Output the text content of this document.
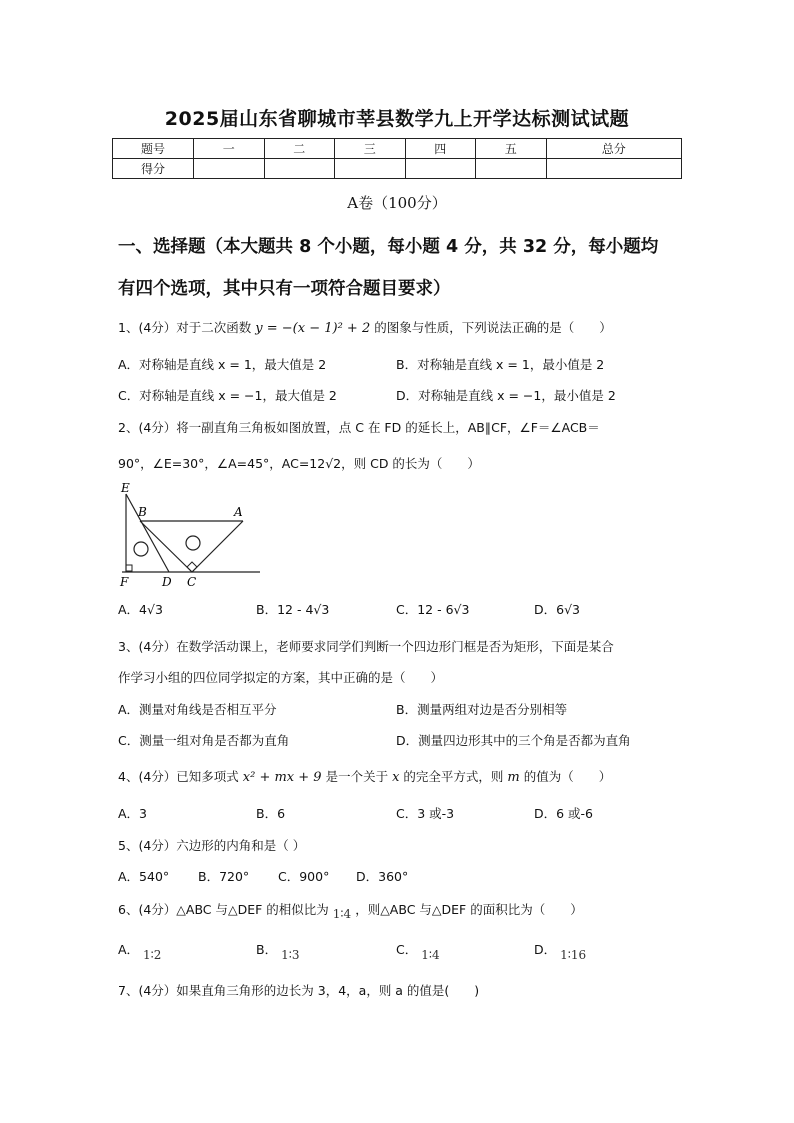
2025届山东省聊城市莘县数学九上开学达标测试试题
题号	一	二	三	四	五	总分
得分						
A卷（100分）
一、选择题（本大题共 8 个小题，每小题 4 分，共 32 分，每小题均
有四个选项，其中只有一项符合题目要求）
1、(4分）对于二次函数 y = −(x − 1)² + 2 的图象与性质，下列说法正确的是（　　）
A．对称轴是直线 x = 1，最大值是 2	B．对称轴是直线 x = 1，最小值是 2
C．对称轴是直线 x = −1，最大值是 2	D．对称轴是直线 x = −1，最小值是 2
2、(4分）将一副直角三角板如图放置，点 C 在 FD 的延长上，AB∥CF，∠F＝∠ACB＝
90°，∠E=30°，∠A=45°，AC=12√2，则 CD 的长为（　　）
E
B	A
F	D C
A．4√3	B．12 - 4√3	C．12 - 6√3	D．6√3
3、(4分）在数学活动课上，老师要求同学们判断一个四边形门框是否为矩形，下面是某合
作学习小组的四位同学拟定的方案，其中正确的是（　　）
A．测量对角线是否相互平分	B．测量两组对边是否分别相等
C．测量一组对角是否都为直角	D．测量四边形其中的三个角是否都为直角
4、(4分）已知多项式 x² + mx + 9 是一个关于 x 的完全平方式，则 m 的值为（　　）
A．3	B．6	C．3 或-3	D．6 或-6
5、(4分）六边形的内角和是（ ）
A．540° B．720° C．900° D．360°
6、(4分）△ABC 与△DEF 的相似比为 1∶4 ，则△ABC 与△DEF 的面积比为（　　）
A． 1∶2	B． 1∶3	C． 1∶4	D． 1∶16
7、(4分）如果直角三角形的边长为 3，4，a，则 a 的值是(　　)
